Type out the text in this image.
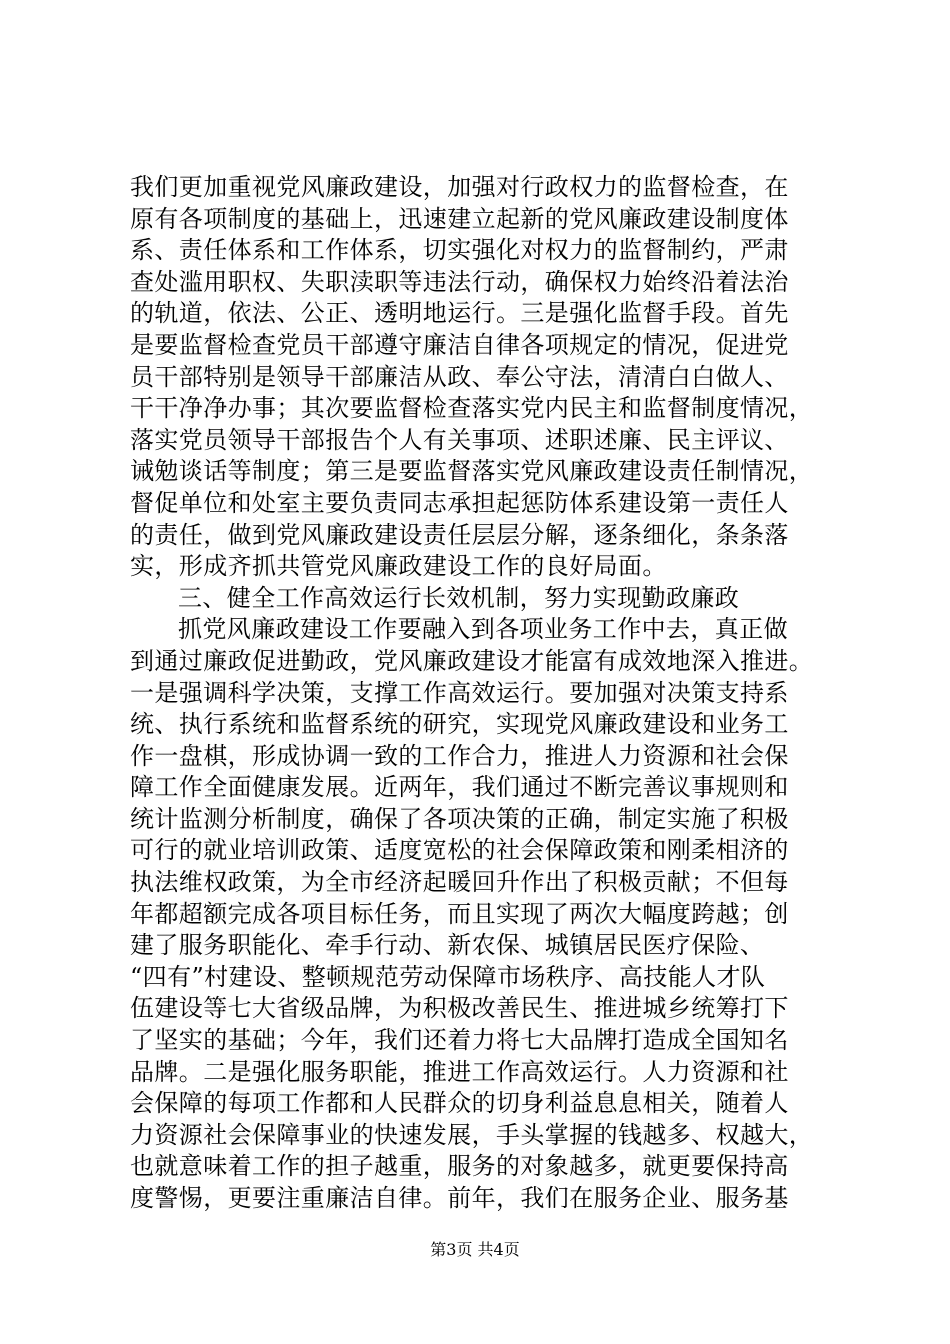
我们更加重视党风廉政建设，加强对行政权力的监督检查，在
原有各项制度的基础上，迅速建立起新的党风廉政建设制度体
系、责任体系和工作体系，切实强化对权力的监督制约，严肃
查处滥用职权、失职渎职等违法行动，确保权力始终沿着法治
的轨道，依法、公正、透明地运行。三是强化监督手段。首先
是要监督检查党员干部遵守廉洁自律各项规定的情况，促进党
员干部特别是领导干部廉洁从政、奉公守法，清清白白做人、
干干净净办事；其次要监督检查落实党内民主和监督制度情况，
落实党员领导干部报告个人有关事项、述职述廉、民主评议、
诫勉谈话等制度；第三是要监督落实党风廉政建设责任制情况，
督促单位和处室主要负责同志承担起惩防体系建设第一责任人
的责任，做到党风廉政建设责任层层分解，逐条细化，条条落
实，形成齐抓共管党风廉政建设工作的良好局面。
三、健全工作高效运行长效机制，努力实现勤政廉政
抓党风廉政建设工作要融入到各项业务工作中去，真正做
到通过廉政促进勤政，党风廉政建设才能富有成效地深入推进。
一是强调科学决策，支撑工作高效运行。要加强对决策支持系
统、执行系统和监督系统的研究，实现党风廉政建设和业务工
作一盘棋，形成协调一致的工作合力，推进人力资源和社会保
障工作全面健康发展。近两年，我们通过不断完善议事规则和
统计监测分析制度，确保了各项决策的正确，制定实施了积极
可行的就业培训政策、适度宽松的社会保障政策和刚柔相济的
执法维权政策，为全市经济起暖回升作出了积极贡献；不但每
年都超额完成各项目标任务，而且实现了两次大幅度跨越；创
建了服务职能化、牵手行动、新农保、城镇居民医疗保险、
“四有”村建设、整顿规范劳动保障市场秩序、高技能人才队
伍建设等七大省级品牌，为积极改善民生、推进城乡统筹打下
了坚实的基础；今年，我们还着力将七大品牌打造成全国知名
品牌。二是强化服务职能，推进工作高效运行。人力资源和社
会保障的每项工作都和人民群众的切身利益息息相关，随着人
力资源社会保障事业的快速发展，手头掌握的钱越多、权越大，
也就意味着工作的担子越重，服务的对象越多，就更要保持高
度警惕，更要注重廉洁自律。前年，我们在服务企业、服务基
第3页 共4页
